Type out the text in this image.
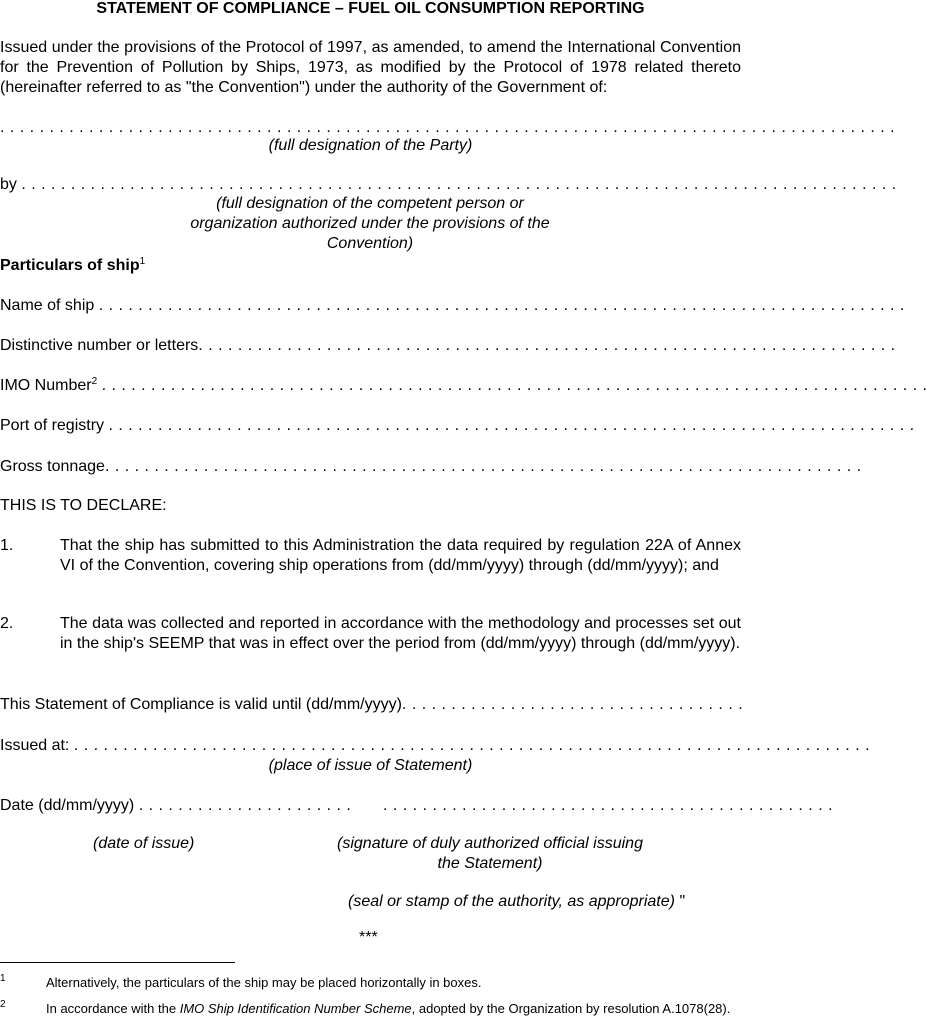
STATEMENT OF COMPLIANCE – FUEL OIL CONSUMPTION REPORTING
Issued under the provisions of the Protocol of 1997, as amended, to amend the International Convention for the Prevention of Pollution by Ships, 1973, as modified by the Protocol of 1978 related thereto (hereinafter referred to as "the Convention") under the authority of the Government of:
. . . . . . . . . . . . . . . . . . . . . . . . . . . . . . . . . . . . . . . . . . . . . . . . . . . . . . . . . . . . . . . . . . . . . . . . . . . . . . . . . . . . . . . . . . .
(full designation of the Party)
by . . . . . . . . . . . . . . . . . . . . . . . . . . . . . . . . . . . . . . . . . . . . . . . . . . . . . . . . . . . . . . . . . . . . . . . . . . . . . . . . . . . . . . . . .
(full designation of the competent person or organization authorized under the provisions of the Convention)
Particulars of ship$^1$
Name of ship . . . . . . . . . . . . . . . . . . . . . . . . . . . . . . . . . . . . . . . . . . . . . . . . . . . . . . . . . . . . . . . . . . . . . . . . . . . . . . . . . .
Distinctive number or letters. . . . . . . . . . . . . . . . . . . . . . . . . . . . . . . . . . . . . . . . . . . . . . . . . . . . . . . . . . . . . . . . . . . . . . .
IMO Number$^2$ . . . . . . . . . . . . . . . . . . . . . . . . . . . . . . . . . . . . . . . . . . . . . . . . . . . . . . . . . . . . . . . . . . . . . . . . . . . . . . . . . . . .
Port of registry . . . . . . . . . . . . . . . . . . . . . . . . . . . . . . . . . . . . . . . . . . . . . . . . . . . . . . . . . . . . . . . . . . . . . . . . . . . . . . . . . .
Gross tonnage. . . . . . . . . . . . . . . . . . . . . . . . . . . . . . . . . . . . . . . . . . . . . . . . . . . . . . . . . . . . . . . . . . . . . . . . . . . . .
THIS IS TO DECLARE:
1.	That the ship has submitted to this Administration the data required by regulation 22A of Annex VI of the Convention, covering ship operations from (dd/mm/yyyy) through (dd/mm/yyyy); and
2.	The data was collected and reported in accordance with the methodology and processes set out in the ship's SEEMP that was in effect over the period from (dd/mm/yyyy) through (dd/mm/yyyy).
This Statement of Compliance is valid until (dd/mm/yyyy). . . . . . . . . . . . . . . . . . . . . . . . . . . . . . . . . . .
Issued at: . . . . . . . . . . . . . . . . . . . . . . . . . . . . . . . . . . . . . . . . . . . . . . . . . . . . . . . . . . . . . . . . . . . . . . . . . . . . . . . . .
(place of issue of Statement)
Date (dd/mm/yyyy) . . . . . . . . . . . . . . . . . . . . . . . . . . . . . . . . . . . . . . . . . . . . . . . . . . . . . . . . . . . . . . . . . . . .
(date of issue)	(signature of duly authorized official issuing the Statement)
(seal or stamp of the authority, as appropriate) "
***
1	Alternatively, the particulars of the ship may be placed horizontally in boxes.
2	In accordance with the IMO Ship Identification Number Scheme, adopted by the Organization by resolution A.1078(28).
